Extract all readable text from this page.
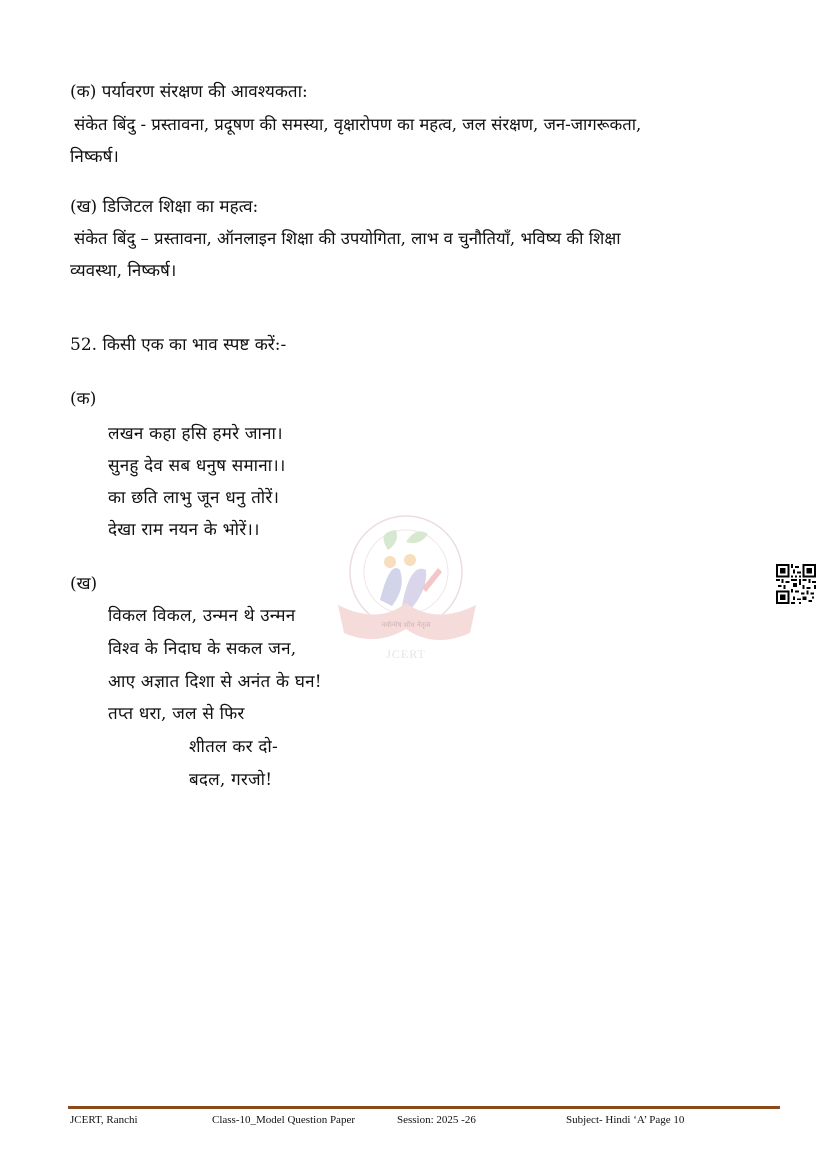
(क) पर्यावरण संरक्षण की आवश्यकता:
संकेत बिंदु - प्रस्तावना, प्रदूषण की समस्या, वृक्षारोपण का महत्व, जल संरक्षण, जन-जागरूकता,
निष्कर्ष।
(ख) डिजिटल शिक्षा का महत्व:
संकेत बिंदु – प्रस्तावना, ऑनलाइन शिक्षा की उपयोगिता, लाभ व चुनौतियाँ, भविष्य की शिक्षा
व्यवस्था, निष्कर्ष।
52. किसी एक का भाव स्पष्ट करें:-
(क)
लखन कहा हसि हमरे जाना।
सुनहु देव सब धनुष समाना।।
का छति लाभु जून धनु तोरें।
देखा राम नयन के भोरें।।
(ख)
विकल विकल, उन्मन थे उन्मन
विश्व के निदाघ के सकल जन,
आए अज्ञात दिशा से अनंत के घन!
तप्त धरा, जल से फिर
शीतल कर दो-
बदल, गरजो!
नवोन्मेष शोध नेतृत्व
JCERT
JCERT, Ranchi	Class-10_Model Question Paper	Session: 2025 -26	Subject- Hindi ‘A’ Page 10
